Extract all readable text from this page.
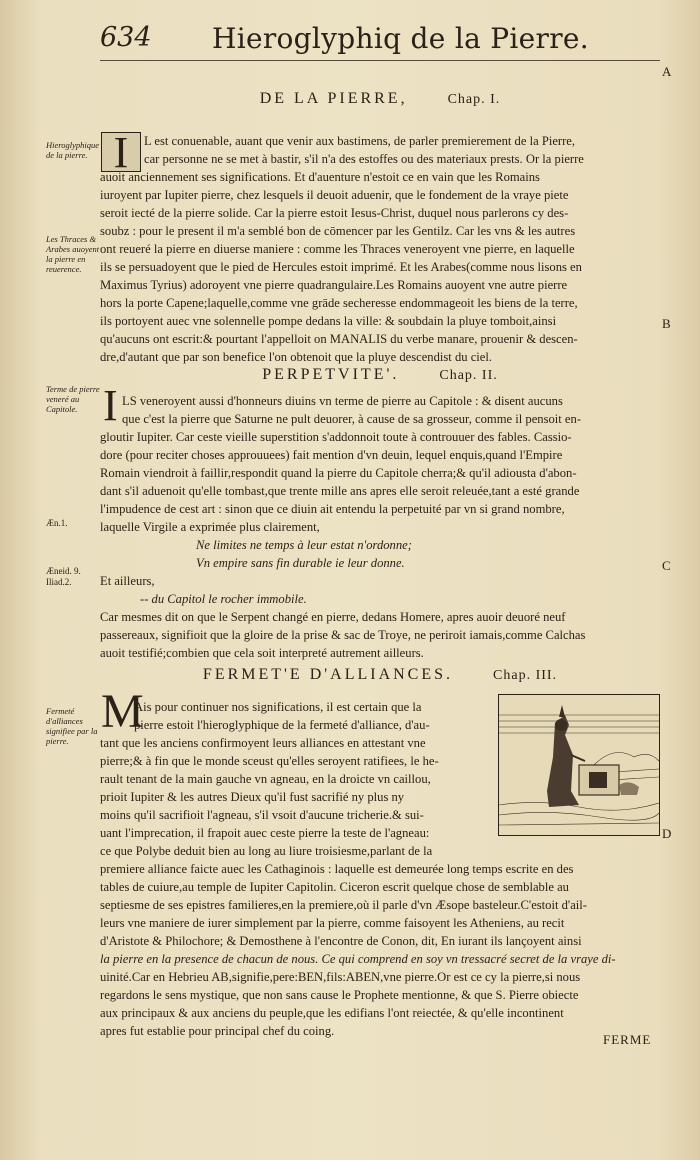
634 Hieroglyphiq de la Pierre.
A
B
C
D
DE LA PIERRE,	Chap. I.
Hieroglyphique de la pierre.
Les Thraces & Arabes auoyent la pierre en reuerence.
I	L est conuenable, auant que venir aux bastimens, de parler premierement de la Pierre,
car personne ne se met à bastir, s'il n'a des estoffes ou des materiaux prests. Or la pierre
auoit anciennement ses significations. Et d'auenture n'estoit ce en vain que les Romains
iuroyent par Iupiter pierre, chez lesquels il deuoit aduenir, que le fondement de la vraye piete
seroit iecté de la pierre solide. Car la pierre estoit Iesus-Christ, duquel nous parlerons cy des-
soubz : pour le present il m'a semblé bon de cōmencer par les Gentilz. Car les vns & les autres
ont reueré la pierre en diuerse maniere : comme les Thraces veneroyent vne pierre, en laquelle
ils se persuadoyent que le pied de Hercules estoit imprimé. Et les Arabes(comme nous lisons en
Maximus Tyrius) adoroyent vne pierre quadrangulaire.Les Romains auoyent vne autre pierre
hors la porte Capene;laquelle,comme vne grāde secheresse endommageoit les biens de la terre,
ils portoyent auec vne solennelle pompe dedans la ville: & soubdain la pluye tomboit,ainsi
qu'aucuns ont escrit:& pourtant l'appelloit on MANALIS du verbe manare, prouenir & descen-
dre,d'autant que par son benefice l'on obtenoit que la pluye descendist du ciel.
PERPETVITE'.	Chap. II.
Terme de pierre veneré au Capitole.
Æn.1.
Æneid. 9.
Iliad.2.
I LS veneroyent aussi d'honneurs diuins vn terme de pierre au Capitole : & disent aucuns
que c'est la pierre que Saturne ne pult deuorer, à cause de sa grosseur, comme il pensoit en-
gloutir Iupiter. Car ceste vieille superstition s'addonnoit toute à controuuer des fables. Cassio-
dore (pour reciter choses approuuees) fait mention d'vn deuin, lequel enquis,quand l'Empire
Romain viendroit à faillir,respondit quand la pierre du Capitole cherra;& qu'il adiousta d'abon-
dant s'il aduenoit qu'elle tombast,que trente mille ans apres elle seroit releuée,tant a esté grande
l'impudence de cest art : sinon que ce diuin ait entendu la perpetuité par vn si grand nombre,
laquelle Virgile a exprimée plus clairement,
Ne limites ne temps à leur estat n'ordonne;
Vn empire sans fin durable ie leur donne.
Et ailleurs,
-- du Capitol le rocher immobile.
Car mesmes dit on que le Serpent changé en pierre, dedans Homere, apres auoir deuoré neuf
passereaux, signifioit que la gloire de la prise & sac de Troye, ne periroit iamais,comme Calchas
auoit testifié;combien que cela soit interpreté autrement ailleurs.
FERMET'E D'ALLIANCES.	Chap. III.
Fermeté d'alliances signifiee par la pierre.
M
Ais pour continuer nos significations, il est certain que la
pierre estoit l'hieroglyphique de la fermeté d'alliance, d'au-
tant que les anciens confirmoyent leurs alliances en attestant vne
pierre;& à fin que le monde sceust qu'elles seroyent ratifiees, le he-
rault tenant de la main gauche vn agneau, en la droicte vn caillou,
prioit Iupiter & les autres Dieux qu'il fust sacrifié ny plus ny
moins qu'il sacrifioit l'agneau, s'il vsoit d'aucune tricherie.& sui-
uant l'imprecation, il frapoit auec ceste pierre la teste de l'agneau:
ce que Polybe deduit bien au long au liure troisiesme,parlant de la
premiere alliance faicte auec les Cathaginois : laquelle est demeurée long temps escrite en des
tables de cuiure,au temple de Iupiter Capitolin. Ciceron escrit quelque chose de semblable au
septiesme de ses epistres familieres,en la premiere,où il parle d'vn Æsope basteleur.C'estoit d'ail-
leurs vne maniere de iurer simplement par la pierre, comme faisoyent les Atheniens, au recit
d'Aristote & Philochore; & Demosthene à l'encontre de Conon, dit, En iurant ils lançoyent ainsi
la pierre en la presence de chacun de nous. Ce qui comprend en soy vn tressacré secret de la vraye di-
uinité.Car en Hebrieu AB,signifie,pere:BEN,fils:ABEN,vne pierre.Or est ce cy la pierre,si nous
regardons le sens mystique, que non sans cause le Prophete mentionne, & que S. Pierre obiecte
aux principaux & aux anciens du peuple,que les edifians l'ont reiectée, & qu'elle incontinent
apres fut establie pour principal chef du coing.
FERME
